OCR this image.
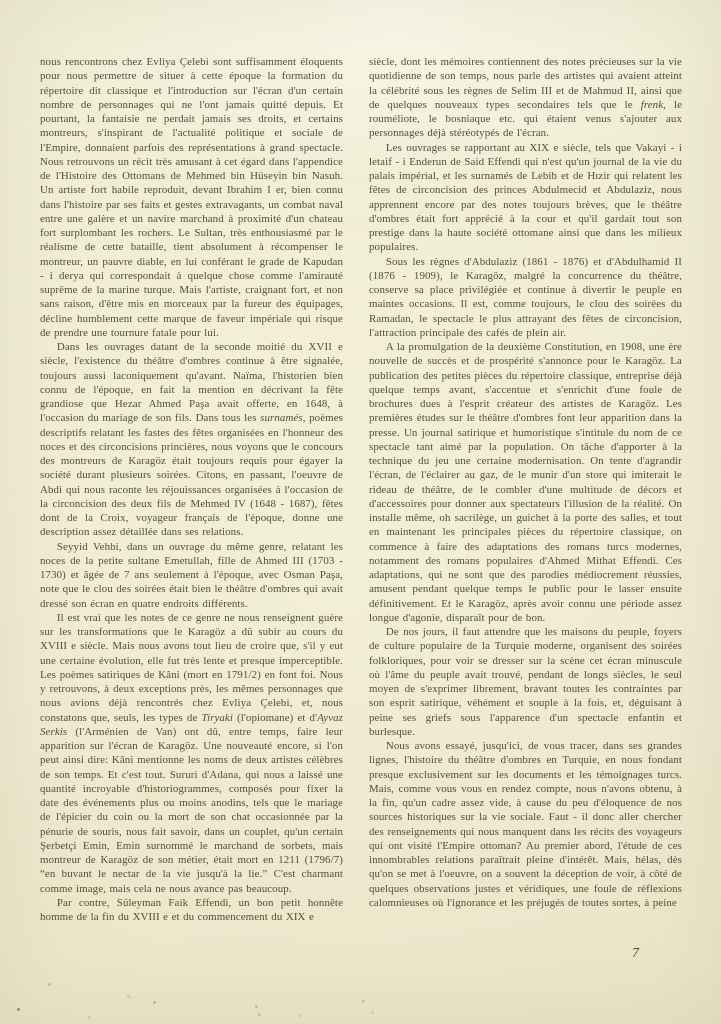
nous rencontrons chez Evliya Çelebi sont suffisamment éloquents pour nous permettre de situer à cette époque la formation du répertoire dit classique et l'introduction sur l'écran d'un certain nombre de personnages qui ne l'ont jamais quitté depuis. Et pourtant, la fantaisie ne perdait jamais ses droits, et certains montreurs, s'inspirant de l'actualité politique et sociale de l'Empire, donnaient parfois des représentations à grand spectacle. Nous retrouvons un récit très amusant à cet égard dans l'appendice de l'Histoire des Ottomans de Mehmed bin Hüseyin bin Nasuh. Un artiste fort habile reproduit, devant Ibrahim I er, bien connu dans l'histoire par ses faits et gestes extravagants, un combat naval entre une galère et un navire marchand à proximité d'un chateau fort surplombant les rochers. Le Sultan, très enthousiasmé par le réalisme de cette bataille, tient absolument à récompenser le montreur, un pauvre diable, en lui conférant le grade de Kapudan - i derya qui correspondait à quelque chose comme l'amirauté suprême de la marine turque. Mais l'artiste, craignant fort, et non sans raison, d'être mis en morceaux par la fureur des équipages, décline humblement cette marque de faveur impériale qui risque de prendre une tournure fatale pour lui.

Dans les ouvrages datant de la seconde moitié du XVII e siècle, l'existence du théâtre d'ombres continue à être signalée, toujours aussi laconiquement qu'avant. Naïma, l'historien bien connu de l'époque, en fait la mention en décrivant la fête grandiose que Hezar Ahmed Paşa avait offerte, en 1648, à l'occasion du mariage de son fils. Dans tous les surnamés, poèmes descriptifs relatant les fastes des fêtes organisées en l'honneur des noces et des circoncisions princières, nous voyons que le concours des montreurs de Karagöz était toujours requis pour égayer la société durant plusieurs soirées. Citons, en passant, l'oeuvre de Abdi qui nous raconte les réjouissances organisées à l'occasion de la circoncision des deux fils de Mehmed IV (1648 - 1687), fêtes dont de la Croix, voyageur français de l'époque, donne une description assez détaillée dans ses relations.

Seyyid Vehbi, dans un ouvrage du même genre, relatant les noces de la petite sultane Emetullah, fille de Ahmed III (1703 - 1730) et âgée de 7 ans seulement à l'époque, avec Osman Paşa, note que le clou des soirées était bien le théâtre d'ombres qui avait dressé son écran en quatre endroits différents.

Il est vrai que les notes de ce genre ne nous renseignent guère sur les transformations que le Karagöz a dû subir au cours du XVIII e siècle. Mais nous avons tout lieu de croire que, s'il y eut une certaine évolution, elle fut très lente et presque imperceptible. Les poèmes satiriques de Kâni (mort en 1791/2) en font foi. Nous y retrouvons, à deux exceptions près, les mêmes personnages que nous avions déjà rencontrés chez Evliya Çelebi, et, nous constatons que, seuls, les types de Tiryaki (l'opiomane) et d'Ayvaz Serkis (l'Arménien de Van) ont dû, entre temps, faire leur apparition sur l'écran de Karagöz. Une nouveauté encore, si l'on peut ainsi dire: Kâni mentionne les noms de deux artistes célèbres de son temps. Et c'est tout. Sururi d'Adana, qui nous a laissé une quantité incroyable d'historiogrammes, composés pour fixer la date des événements plus ou moins anodins, tels que le mariage de l'épicier du coin ou la mort de son chat occasionnée par la pénurie de souris, nous fait savoir, dans un couplet, qu'un certain Şerbetçi Emin, Emin surnommé le marchand de sorbets, mais montreur de Karagöz de son métier, était mort en 1211 (1796/7) “en buvant le nectar de la vie jusqu'à la lie.” C'est charmant comme image, mais cela ne nous avance pas beaucoup.

Par contre, Süleyman Faik Effendi, un bon petit honnête homme de la fin du XVIII e et du commencement du XIX e

siècle, dont les mémoires contiennent des notes précieuses sur la vie quotidienne de son temps, nous parle des artistes qui avaient atteint la célébrité sous les règnes de Selim III et de Mahmud II, ainsi que de quelques nouveaux types secondaires tels que le frenk, le rouméliote, le bosniaque etc. qui étaient venus s'ajouter aux personnages déjà stéréotypés de l'écran.

Les ouvrages se rapportant au XIX e siècle, tels que Vakayi - i letaif - i Enderun de Said Effendi qui n'est qu'un journal de la vie du palais impérial, et les surnamés de Lebib et de Hızir qui relatent les fêtes de circoncision des princes Abdulmecid et Abdulaziz, nous apprennent encore par des notes toujours brèves, que le théâtre d'ombres était fort apprécié à la cour et qu'il gardait tout son prestige dans la haute société ottomane ainsi que dans les milieux populaires.

Sous les règnes d'Abdulaziz (1861 - 1876) et d'Abdulhamid II (1876 - 1909), le Karagöz, malgré la concurrence du théâtre, conserve sa place privilégiée et continue à divertir le peuple en maintes occasions. Il est, comme toujours, le clou des soirées du Ramadan, le spectacle le plus attrayant des fêtes de circoncision, l'attraction principale des cafés de plein air.

A la promulgation de la deuxième Constitution, en 1908, une ère nouvelle de succès et de prospérité s'annonce pour le Karagöz. La publication des petites pièces du répertoire classique, entreprise déjà quelque temps avant, s'accentue et s'enrichit d'une foule de brochures dues à l'esprit créateur des artistes de Karagöz. Les premières études sur le théâtre d'ombres font leur apparition dans la presse. Un journal satirique et humoristique s'intitule du nom de ce spectacle tant aimé par la population. On tâche d'apporter à la technique du jeu une certaine modernisation. On tente d'agrandir l'écran, de l'éclairer au gaz, de le munir d'un store qui imiterait le rideau de théâtre, de le combler d'une multitude de décors et d'accessoires pour donner aux spectateurs l'illusion de la réalité. On installe même, oh sacrilège, un guichet à la porte des salles, et tout en maintenant les principales pièces du répertoire classique, on commence à faire des adaptations des romans turcs modernes, notamment des romans populaires d'Ahmed Mithat Effendi. Ces adaptations, qui ne sont que des parodies médiocrement réussies, amusent pendant quelque temps le public pour le lasser ensuite définitivement. Et le Karagöz, après avoir connu une période assez longue d'agonie, disparaît pour de bon.

De nos jours, il faut attendre que les maisons du peuple, foyers de culture populaire de la Turquie moderne, organisent des soirées folkloriques, pour voir se dresser sur la scène cet écran minuscule où l'âme du peuple avait trouvé, pendant de longs siècles, le seul moyen de s'exprimer librement, bravant toutes les contraintes par son esprit satirique, véhément et souple à la fois, et, déguisant à peine ses griefs sous l'apparence d'un spectacle enfantin et burlesque.

Nous avons essayé, jusqu'ici, de vous tracer, dans ses grandes lignes, l'histoire du théâtre d'ombres en Turquie, en nous fondant presque exclusivement sur les documents et les témoignages turcs. Mais, comme vous vous en rendez compte, nous n'avons obtenu, à la fin, qu'un cadre assez vide, à cause du peu d'éloquence de nos sources historiques sur la vie sociale. Faut - il donc aller chercher des renseignements qui nous manquent dans les récits des voyageurs qui ont visité l'Empire ottoman? Au premier abord, l'étude de ces innombrables relations paraîtrait pleine d'intérêt. Mais, hélas, dès qu'on se met à l'oeuvre, on a souvent la déception de voir, à côté de quelques observations justes et véridiques, une foule de réflexions calomnieuses où l'ignorance et les préjugés de toutes sortes, à peine

7
